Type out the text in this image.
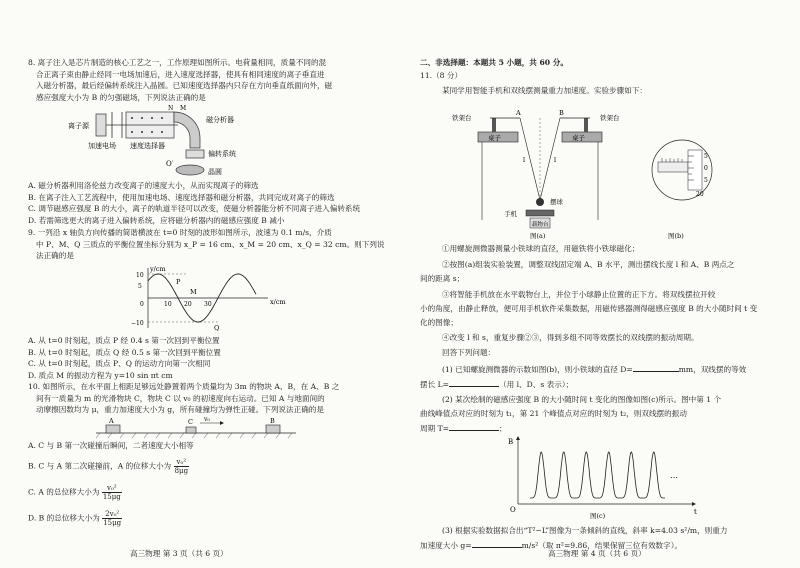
8. 离子注入是芯片制造的核心工艺之一，工作原理如图所示。电荷量相同，质量不同的混
合正离子束由静止经同一电场加速后，进入速度选择器，使具有相同速度的离子垂直进
入磁分析器，最后经偏转系统注入晶圆。已知速度选择器内只存在方向垂直纸面向外，磁
感应强度大小为 B 的匀强磁场，下列说法正确的是
离子源
加速电场 速度选择器
磁分析器
偏转系统
晶圆
M
N
O′
A. 磁分析器利用洛伦兹力改变离子的速度大小，从而实现离子的筛选
B. 在离子注入工艺流程中，使用加速电场、速度选择器和磁分析器，共同完成对离子的筛选
C. 调节磁感应强度 B 的大小，离子的轨道半径可以改变，使磁分析器能分析不同离子进入偏转系统
D. 若需筛选更大的离子进入偏转系统，应将磁分析器内的磁感应强度 B 减小
9. 一列沿 x 轴负方向传播的简谐横波在 t=0 时刻的波形如图所示，波速为 0.1 m/s，介质
中 P、M、Q 三质点的平衡位置坐标分别为 x_P = 16 cm、x_M = 20 cm、x_Q = 32 cm。则下列说
法正确的是
y/cm
x/cm
10
5
0
−10
10 20 30
P
M
Q
A. 从 t=0 时刻起，质点 P 经 0.4 s 第一次回到平衡位置
B. 从 t=0 时刻起，质点 Q 经 0.5 s 第一次回到平衡位置
C. 从 t=0 时刻起，质点 P、Q 的运动方向第一次相同
D. 质点 M 的振动方程为 y=10 sin πt cm
10. 如图所示，在水平面上相距足够远处静置着两个质量均为 3m 的物块 A、B，在 A、B 之
间有一质量为 m 的光滑物块 C，物块 C 以 v₀ 的初速度向右运动。已知 A 与地面间的
动摩擦因数均为 μ，重力加速度大小为 g，所有碰撞均为弹性正碰。下列说法正确的是
A	C	B
v₀
A. C 与 B 第一次碰撞后瞬间，二者速度大小相等
B. C 与 A 第二次碰撞前，A 的位移大小为 $\frac{\text{v₀²}}{8\mu g}$
C. A 的总位移大小为 $\frac{\text{v₀²}}{15\mu g}$
D. B 的总位移大小为 $\frac{\text{2v₀²}}{15\mu g}$
高三物理 第 3 页（共 6 页）
二、非选择题：本题共 5 小题，共 60 分。
11.（8 分）
某同学用智能手机和双线摆测量重力加速度。实验步骤如下：
铁架台	铁架台
桌子	桌子
A	B
l	l
摆球
手机
载物台
图(a)
5
0
5
20
图(b)
①用螺旋测微器测量小铁球的直径，用磁铁将小铁球磁化；
②按图(a)组装实验装置，调整双线固定端 A、B 水平，测出摆线长度 l 和 A、B 两点之
间的距离 s；
③将智能手机放在水平载物台上，并位于小球静止位置的正下方。将双线摆拉开较
小的角度，由静止释放，便可用手机软件采集数据，用磁传感器测得磁感应强度 B 的大小随时间 t 变
化的图像；
④改变 l 和 s，重复步骤②③，得到多组不同等效摆长的双线摆的振动周期。
回答下列问题：
(1) 已知螺旋测微器的示数如图(b)，则小铁球的直径 D=	mm，双线摆的等效
摆长 L=	（用 l、D、s 表示）；
(2) 某次绘制的磁感应强度 B 的大小随时间 t 变化的图像如图(c)所示。图中第 1 个
曲线峰值点对应的时刻为 t₁，第 21 个峰值点对应的时刻为 t₂，则双线摆的振动
周期 T=	；
B
t
O
…
图(c)
(3) 根据实验数据拟合出“T²−L”图像为一条倾斜的直线，斜率 k=4.03 s²/m，则重力
加速度大小 g=	m/s²（取 π²=9.86，结果保留三位有效数字）。
高三物理 第 4 页（共 6 页）
